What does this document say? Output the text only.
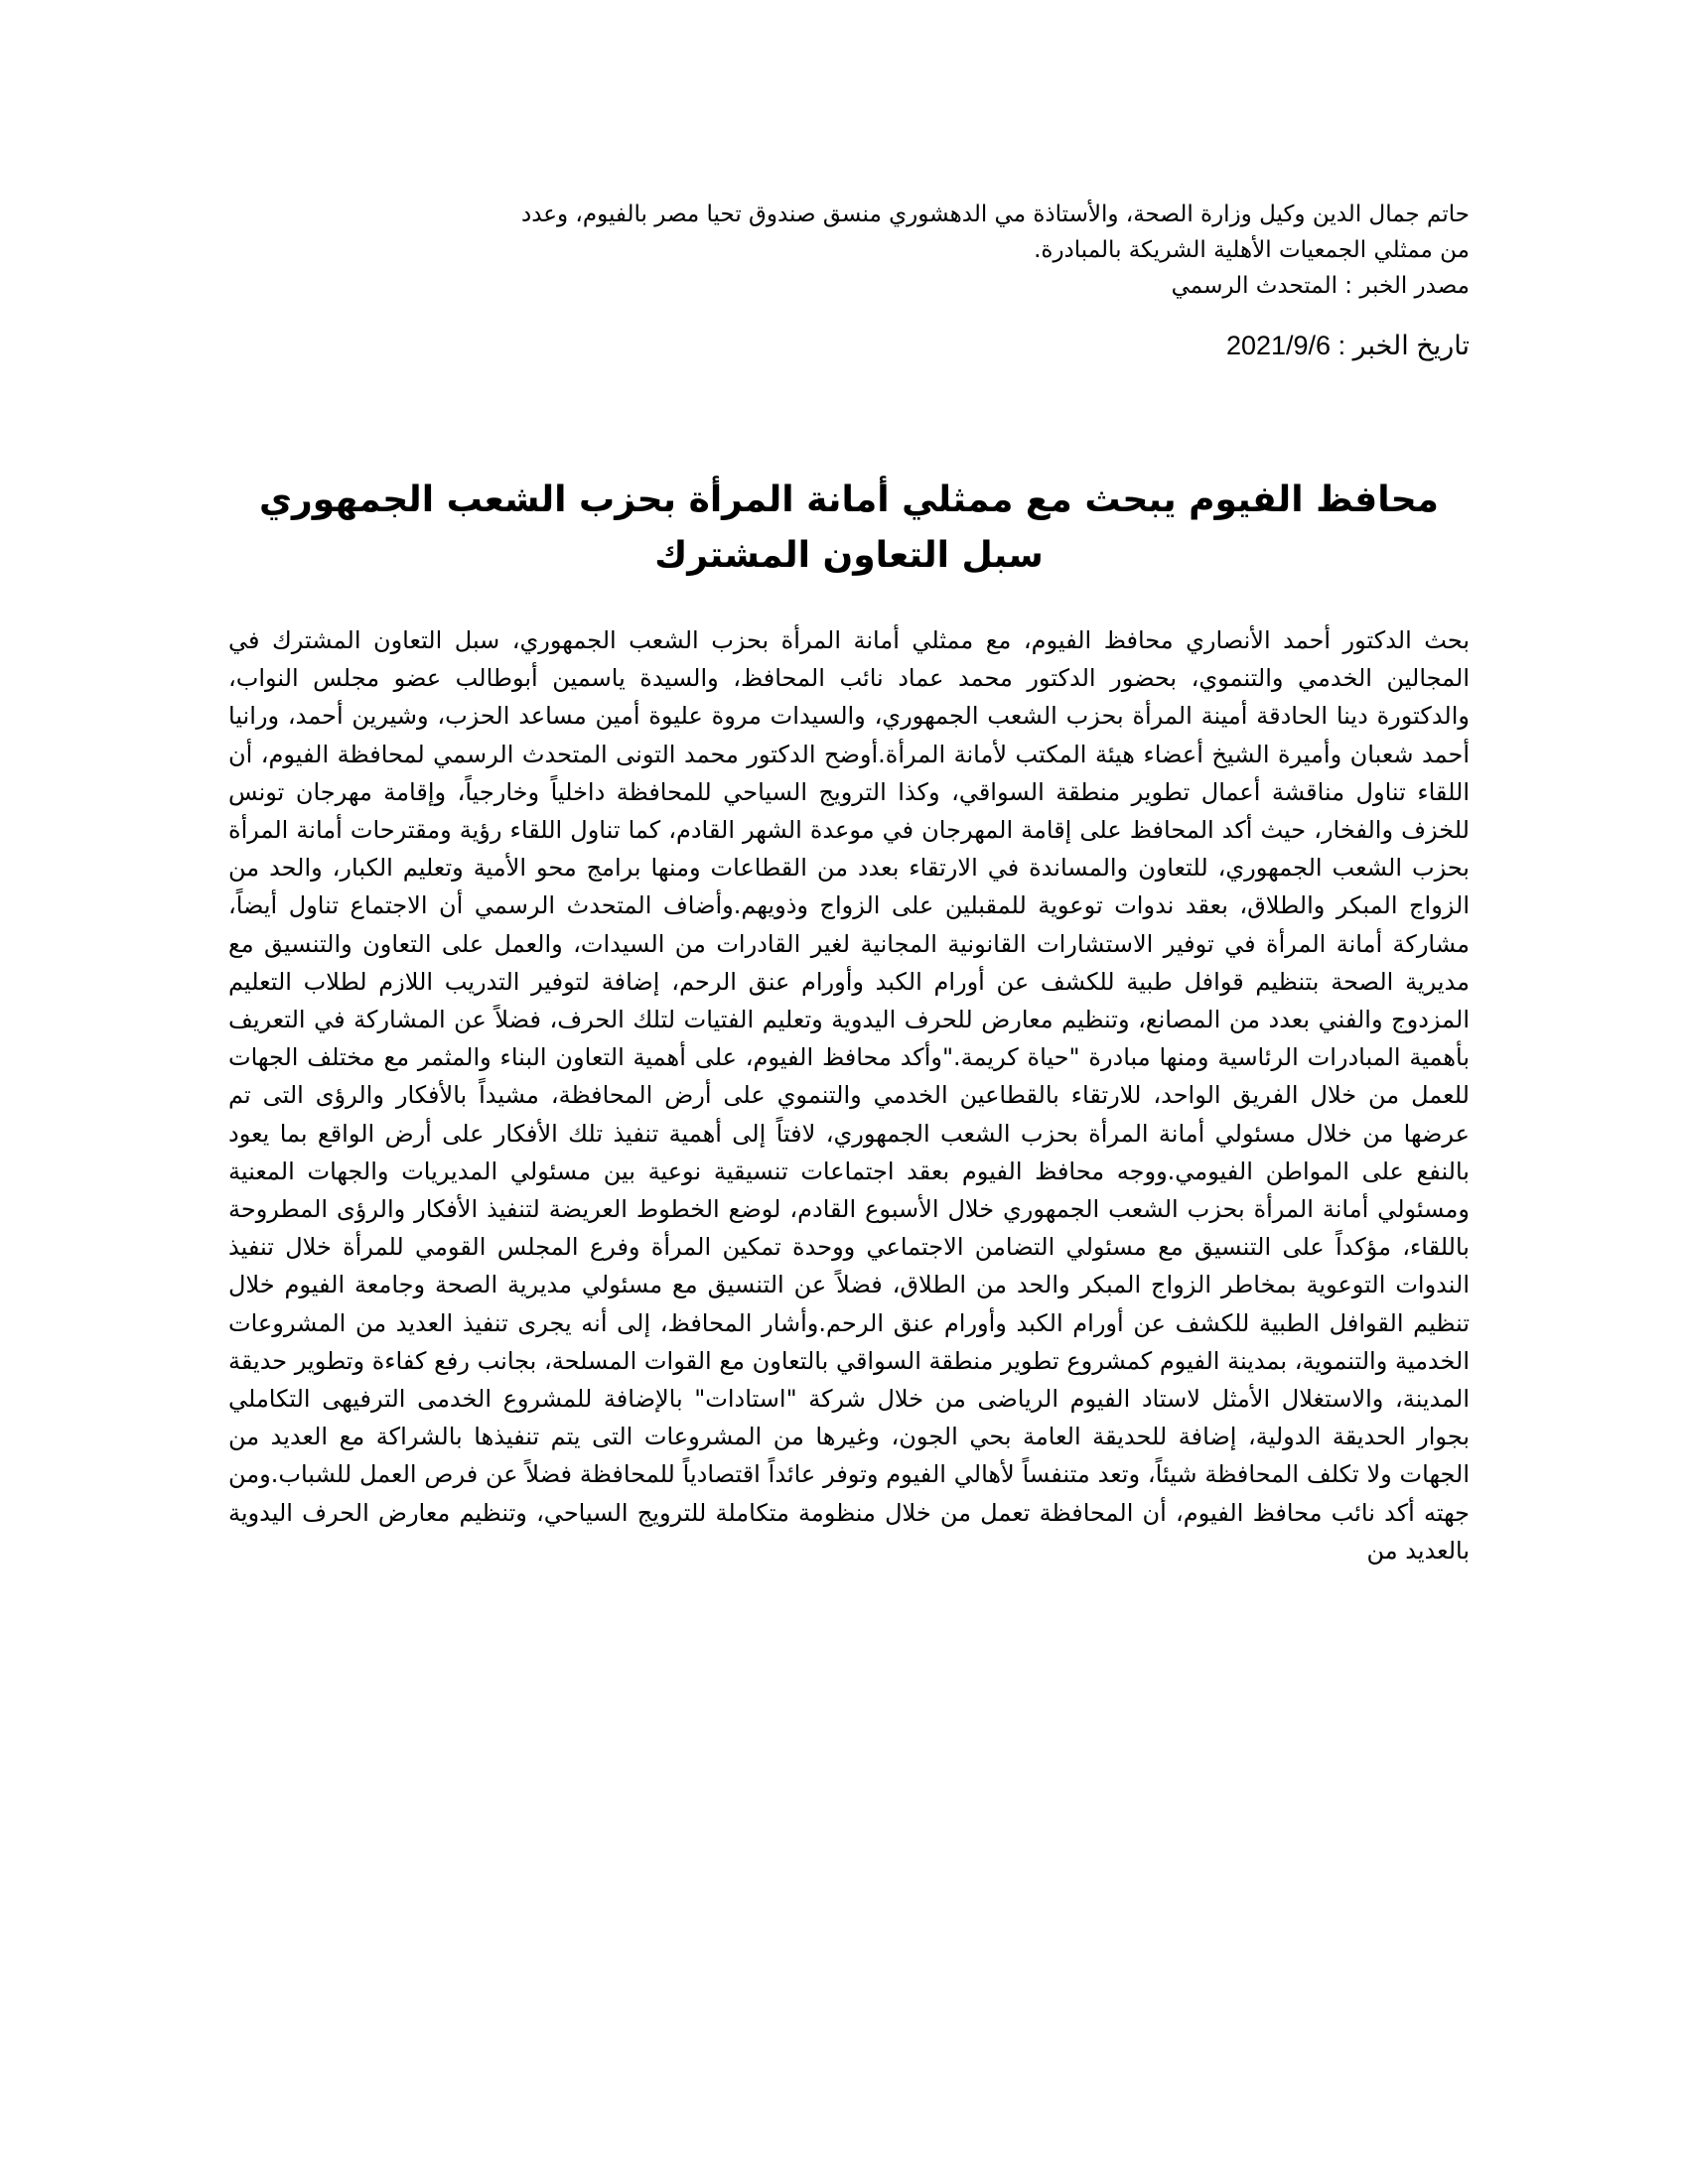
حاتم جمال الدين وكيل وزارة الصحة، والأستاذة مي الدهشوري منسق صندوق تحيا مصر بالفيوم، وعدد

من ممثلي الجمعيات الأهلية الشريكة بالمبادرة.

مصدر الخبر : المتحدث الرسمي

تاريخ الخبر : 2021/9/6
محافظ الفيوم يبحث مع ممثلي أمانة المرأة بحزب الشعب الجمهوري سبل التعاون المشترك

بحث الدكتور أحمد الأنصاري محافظ الفيوم، مع ممثلي أمانة المرأة بحزب الشعب الجمهوري، سبل التعاون المشترك في المجالين الخدمي والتنموي، بحضور الدكتور محمد عماد نائب المحافظ، والسيدة ياسمين أبوطالب عضو مجلس النواب، والدكتورة دينا الحادقة أمينة المرأة بحزب الشعب الجمهوري، والسيدات مروة عليوة أمين مساعد الحزب، وشيرين أحمد، ورانيا أحمد شعبان وأميرة الشيخ أعضاء هيئة المكتب لأمانة المرأة.أوضح الدكتور محمد التونى المتحدث الرسمي لمحافظة الفيوم، أن اللقاء تناول مناقشة أعمال تطوير منطقة السواقي، وكذا الترويج السياحي للمحافظة داخلياً وخارجياً، وإقامة مهرجان تونس للخزف والفخار، حيث أكد المحافظ على إقامة المهرجان في موعدة الشهر القادم، كما تناول اللقاء رؤية ومقترحات أمانة المرأة بحزب الشعب الجمهوري، للتعاون والمساندة في الارتقاء بعدد من القطاعات ومنها برامج محو الأمية وتعليم الكبار، والحد من الزواج المبكر والطلاق، بعقد ندوات توعوية للمقبلين على الزواج وذويهم.وأضاف المتحدث الرسمي أن الاجتماع تناول أيضاً، مشاركة أمانة المرأة في توفير الاستشارات القانونية المجانية لغير القادرات من السيدات، والعمل على التعاون والتنسيق مع مديرية الصحة بتنظيم قوافل طبية للكشف عن أورام الكبد وأورام عنق الرحم، إضافة لتوفير التدريب اللازم لطلاب التعليم المزدوج والفني بعدد من المصانع، وتنظيم معارض للحرف اليدوية وتعليم الفتيات لتلك الحرف، فضلاً عن المشاركة في التعريف بأهمية المبادرات الرئاسية ومنها مبادرة "حياة كريمة."وأكد محافظ الفيوم، على أهمية التعاون البناء والمثمر مع مختلف الجهات للعمل من خلال الفريق الواحد، للارتقاء بالقطاعين الخدمي والتنموي على أرض المحافظة، مشيداً بالأفكار والرؤى التى تم عرضها من خلال مسئولي أمانة المرأة بحزب الشعب الجمهوري، لافتاً إلى أهمية تنفيذ تلك الأفكار على أرض الواقع بما يعود بالنفع على المواطن الفيومي.ووجه محافظ الفيوم بعقد اجتماعات تنسيقية نوعية بين مسئولي المديريات والجهات المعنية ومسئولي أمانة المرأة بحزب الشعب الجمهوري خلال الأسبوع القادم، لوضع الخطوط العريضة لتنفيذ الأفكار والرؤى المطروحة باللقاء، مؤكداً على التنسيق مع مسئولي التضامن الاجتماعي ووحدة تمكين المرأة وفرع المجلس القومي للمرأة خلال تنفيذ الندوات التوعوية بمخاطر الزواج المبكر والحد من الطلاق، فضلاً عن التنسيق مع مسئولي مديرية الصحة وجامعة الفيوم خلال تنظيم القوافل الطبية للكشف عن أورام الكبد وأورام عنق الرحم.وأشار المحافظ، إلى أنه يجرى تنفيذ العديد من المشروعات الخدمية والتنموية، بمدينة الفيوم كمشروع تطوير منطقة السواقي بالتعاون مع القوات المسلحة، بجانب رفع كفاءة وتطوير حديقة المدينة، والاستغلال الأمثل لاستاد الفيوم الرياضى من خلال شركة "استادات" بالإضافة للمشروع الخدمى الترفيهى التكاملي بجوار الحديقة الدولية، إضافة للحديقة العامة بحي الجون، وغيرها من المشروعات التى يتم تنفيذها بالشراكة مع العديد من الجهات ولا تكلف المحافظة شيئاً، وتعد متنفساً لأهالي الفيوم وتوفر عائداً اقتصادياً للمحافظة فضلاً عن فرص العمل للشباب.ومن جهته أكد نائب محافظ الفيوم، أن المحافظة تعمل من خلال منظومة متكاملة للترويج السياحي، وتنظيم معارض الحرف اليدوية بالعديد من
